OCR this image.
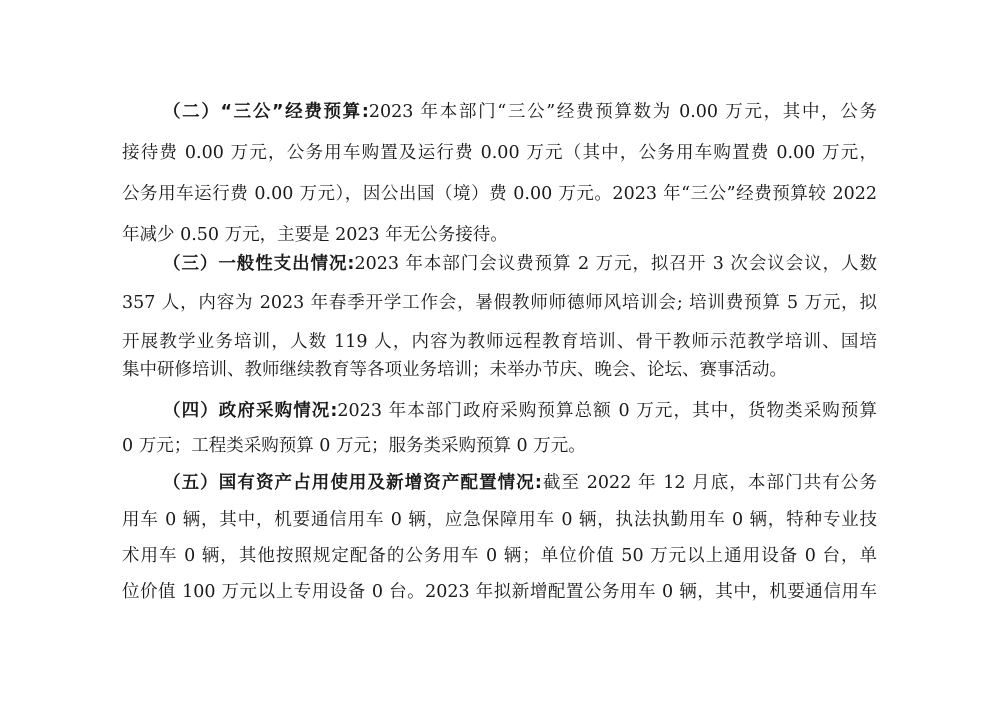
（二）“三公”经费预算:2023 年本部门“三公”经费预算数为 0.00 万元，其中，公务
接待费 0.00 万元，公务用车购置及运行费 0.00 万元（其中，公务用车购置费 0.00 万元，
公务用车运行费 0.00 万元），因公出国（境）费 0.00 万元。2023 年“三公”经费预算较 2022
年减少 0.50 万元，主要是 2023 年无公务接待。
（三）一般性支出情况:2023 年本部门会议费预算 2 万元，拟召开 3 次会议会议，人数
357 人，内容为 2023 年春季开学工作会，暑假教师师德师风培训会; 培训费预算 5 万元，拟
开展教学业务培训，人数 119 人，内容为教师远程教育培训、骨干教师示范教学培训、国培
集中研修培训、教师继续教育等各项业务培训；未举办节庆、晚会、论坛、赛事活动。
（四）政府采购情况:2023 年本部门政府采购预算总额 0 万元，其中，货物类采购预算
0 万元；工程类采购预算 0 万元；服务类采购预算 0 万元。
（五）国有资产占用使用及新增资产配置情况:截至 2022 年 12 月底，本部门共有公务
用车 0 辆，其中，机要通信用车 0 辆，应急保障用车 0 辆，执法执勤用车 0 辆，特种专业技
术用车 0 辆，其他按照规定配备的公务用车 0 辆；单位价值 50 万元以上通用设备 0 台，单
位价值 100 万元以上专用设备 0 台。2023 年拟新增配置公务用车 0 辆，其中，机要通信用车
